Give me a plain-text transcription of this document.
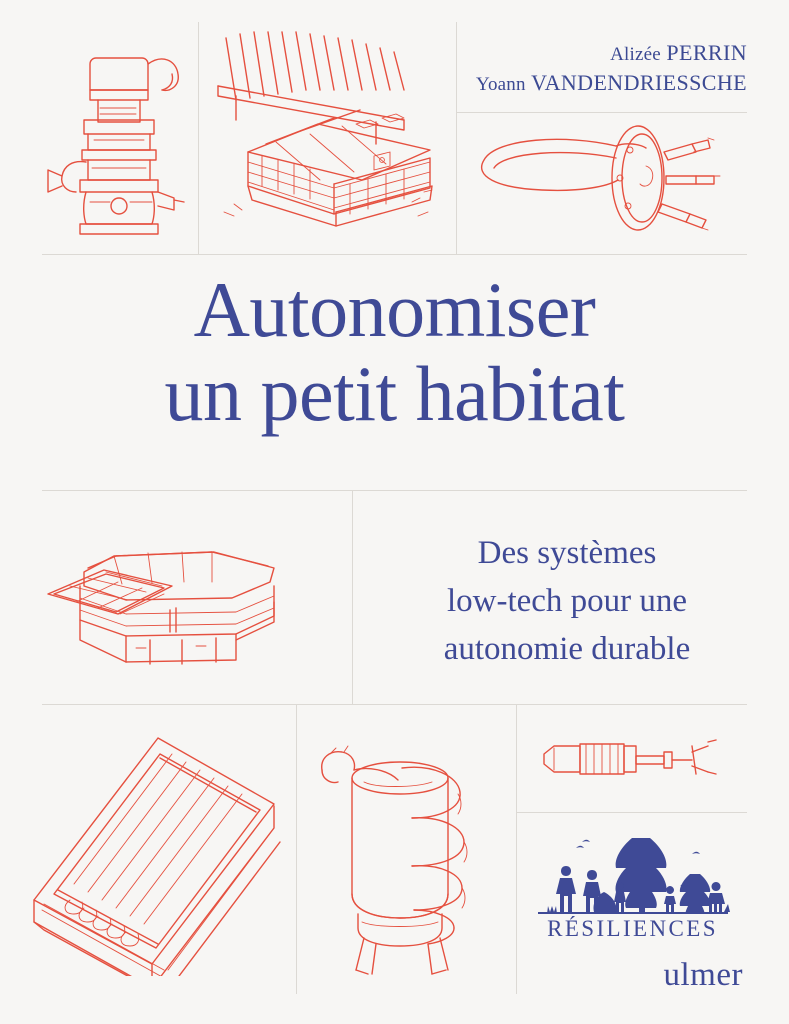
Alizée PERRIN
Yoann VANDENDRIESSCHE
Autonomiser
un petit habitat
Des systèmes
low-tech pour une
autonomie durable
RÉSILIENCES
ulmer
